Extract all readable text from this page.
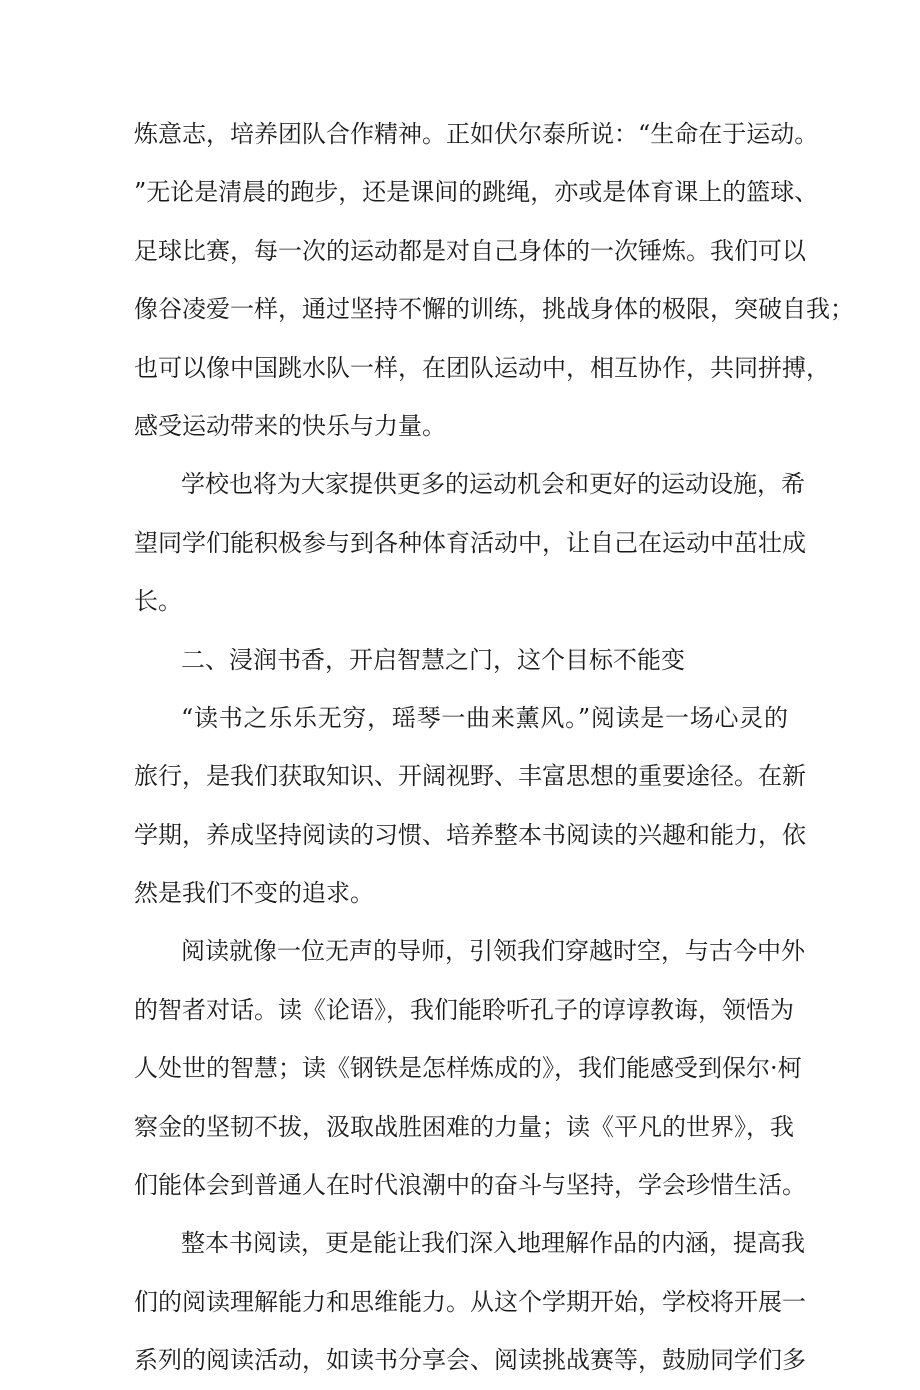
炼意志，培养团队合作精神。正如伏尔泰所说：“生命在于运动。
”无论是清晨的跑步，还是课间的跳绳，亦或是体育课上的篮球、
足球比赛，每一次的运动都是对自己身体的一次锤炼。我们可以
像谷凌爱一样，通过坚持不懈的训练，挑战身体的极限，突破自我；
也可以像中国跳水队一样，在团队运动中，相互协作，共同拼搏，
感受运动带来的快乐与力量。
学校也将为大家提供更多的运动机会和更好的运动设施，希
望同学们能积极参与到各种体育活动中，让自己在运动中茁壮成
长。
二、浸润书香，开启智慧之门，这个目标不能变
“读书之乐乐无穷，瑶琴一曲来薰风。”阅读是一场心灵的
旅行，是我们获取知识、开阔视野、丰富思想的重要途径。在新
学期，养成坚持阅读的习惯、培养整本书阅读的兴趣和能力，依
然是我们不变的追求。
阅读就像一位无声的导师，引领我们穿越时空，与古今中外
的智者对话。读《论语》，我们能聆听孔子的谆谆教诲，领悟为
人处世的智慧；读《钢铁是怎样炼成的》，我们能感受到保尔·柯
察金的坚韧不拔，汲取战胜困难的力量；读《平凡的世界》，我
们能体会到普通人在时代浪潮中的奋斗与坚持，学会珍惜生活。
整本书阅读，更是能让我们深入地理解作品的内涵，提高我
们的阅读理解能力和思维能力。从这个学期开始，学校将开展一
系列的阅读活动，如读书分享会、阅读挑战赛等，鼓励同学们多
